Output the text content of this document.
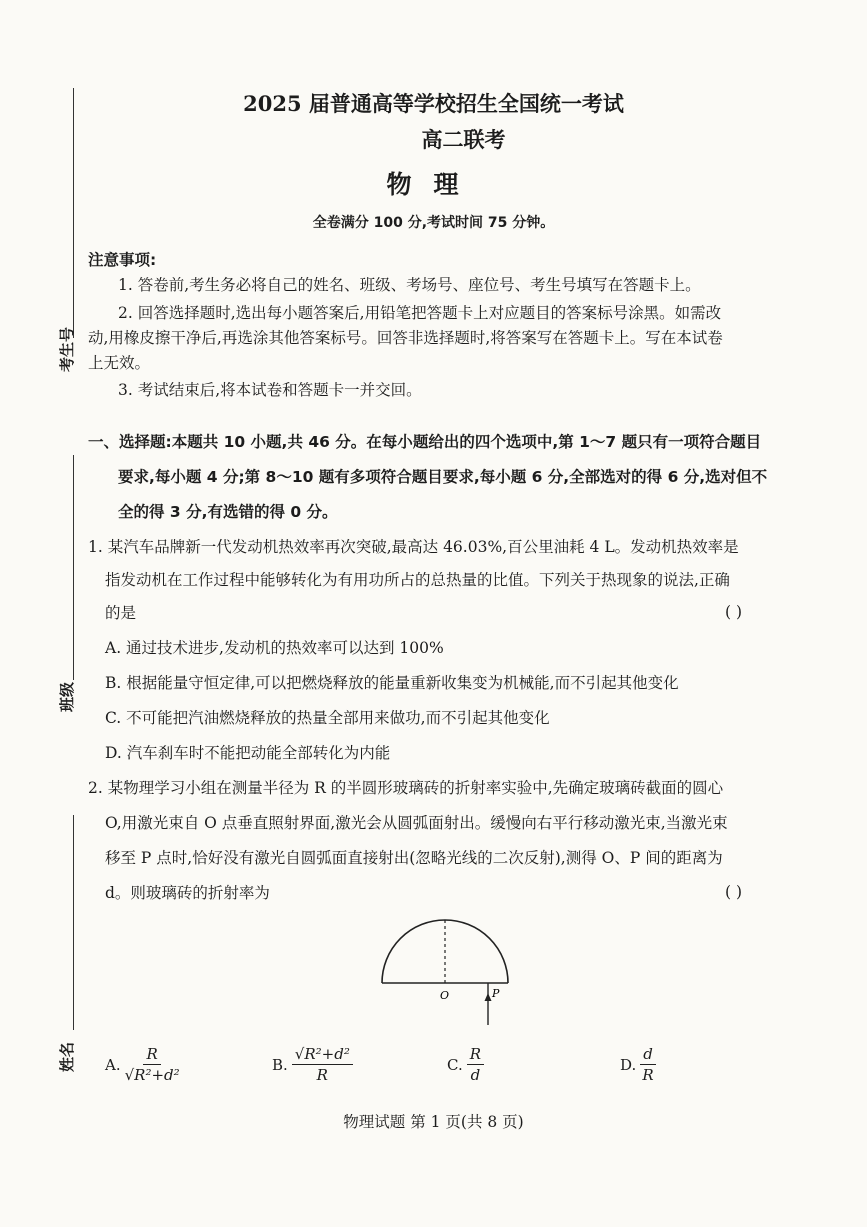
考生号
班级
姓名
2025 届普通高等学校招生全国统一考试
高二联考
物理
全卷满分 100 分,考试时间 75 分钟。
注意事项:
1. 答卷前,考生务必将自己的姓名、班级、考场号、座位号、考生号填写在答题卡上。
2. 回答选择题时,选出每小题答案后,用铅笔把答题卡上对应题目的答案标号涂黑。如需改
动,用橡皮擦干净后,再选涂其他答案标号。回答非选择题时,将答案写在答题卡上。写在本试卷
上无效。
3. 考试结束后,将本试卷和答题卡一并交回。
一、选择题:本题共 10 小题,共 46 分。在每小题给出的四个选项中,第 1～7 题只有一项符合题目
要求,每小题 4 分;第 8～10 题有多项符合题目要求,每小题 6 分,全部选对的得 6 分,选对但不
全的得 3 分,有选错的得 0 分。
1. 某汽车品牌新一代发动机热效率再次突破,最高达 46.03%,百公里油耗 4 L。发动机热效率是
指发动机在工作过程中能够转化为有用功所占的总热量的比值。下列关于热现象的说法,正确
的是	( )
A. 通过技术进步,发动机的热效率可以达到 100%
B. 根据能量守恒定律,可以把燃烧释放的能量重新收集变为机械能,而不引起其他变化
C. 不可能把汽油燃烧释放的热量全部用来做功,而不引起其他变化
D. 汽车刹车时不能把动能全部转化为内能
2. 某物理学习小组在测量半径为 R 的半圆形玻璃砖的折射率实验中,先确定玻璃砖截面的圆心
O,用激光束自 O 点垂直照射界面,激光会从圆弧面射出。缓慢向右平行移动激光束,当激光束
移至 P 点时,恰好没有激光自圆弧面直接射出(忽略光线的二次反射),测得 O、P 间的距离为
d。则玻璃砖的折射率为	( )
O	P
A. $\frac{R}{\text{√R²+d²}}$	B. $\frac{\text{√R²+d²}}{R}$	C. $\frac{R}{d}$	D. $\frac{d}{R}$
物理试题 第 1 页(共 8 页)
